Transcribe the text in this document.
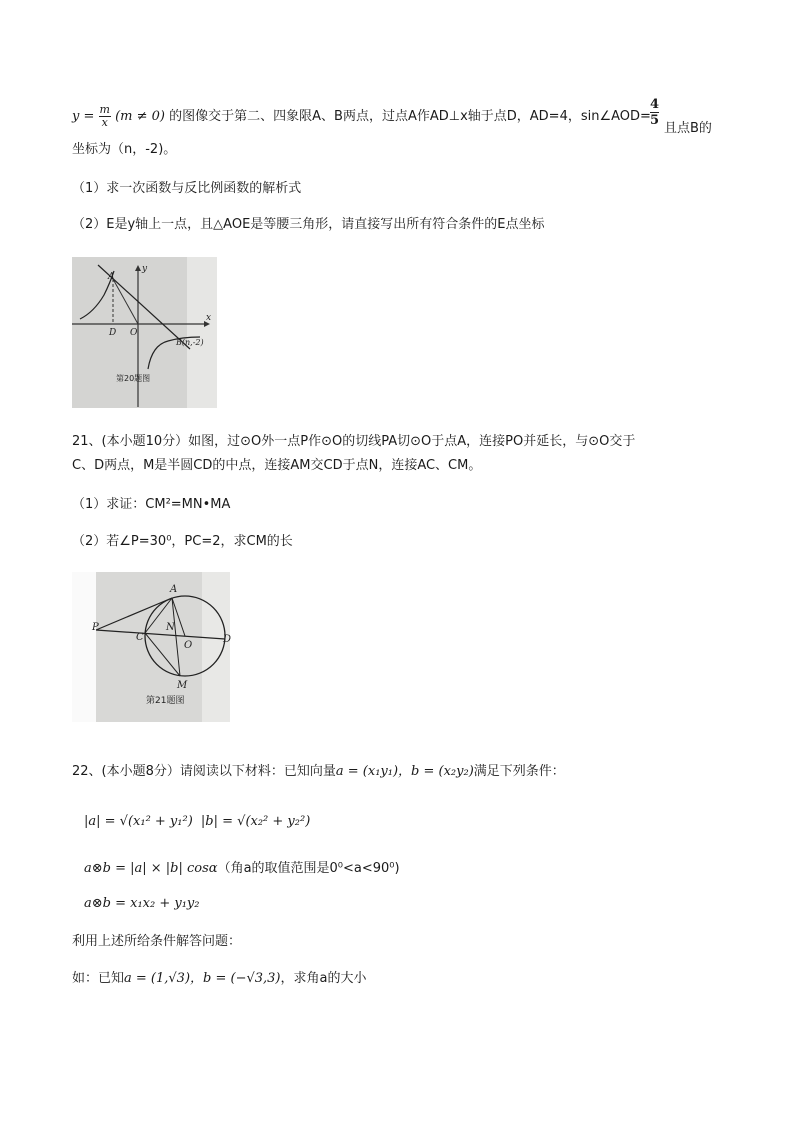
$y = \frac{m}{x} (m \ne 0)$ 的图像交于第二、四象限A、B两点，过点A作AD⊥x轴于点D，AD=4，sin∠AOD= $\frac{4}{5}$
且点B的
坐标为（n，-2)。
（1）求一次函数与反比例函数的解析式
（2）E是y轴上一点，且△AOE是等腰三角形，请直接写出所有符合条件的E点坐标
A
y
D O
x
B(n,-2)
第20题图
21、(本小题10分）如图，过⊙O外一点P作⊙O的切线PA切⊙O于点A，连接PO并延长，与⊙O交于
C、D两点，M是半圆CD的中点，连接AM交CD于点N，连接AC、CM。
（1）求证：CM²=MN•MA
（2）若∠P=30⁰，PC=2，求CM的长
A
P
C
N
O
D
M
第21题图
22、(本小题8分）请阅读以下材料：已知向量a = (x₁y₁)，b = (x₂y₂)满足下列条件：
|a| = √(x₁² + y₁²) |b| = √(x₂² + y₂²)
a⊗b = |a| × |b| cosα（角a的取值范围是0⁰<a<90⁰)
a⊗b = x₁x₂ + y₁y₂
利用上述所给条件解答问题：
如：已知a = (1,√3)，b = (−√3,3)，求角a的大小
